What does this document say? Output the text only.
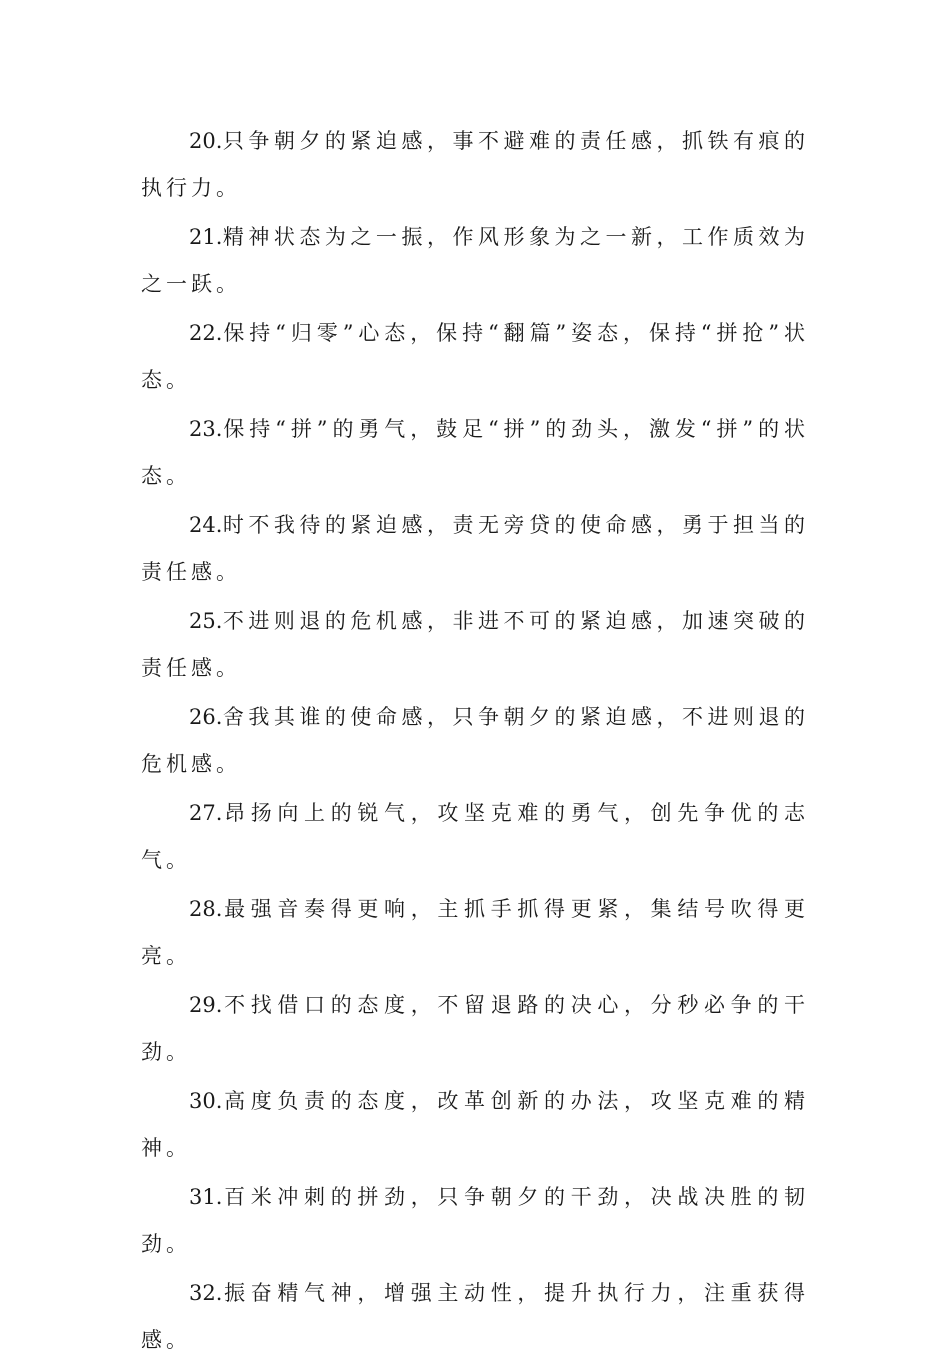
20.只争朝夕的紧迫感，事不避难的责任感，抓铁有痕的执行力。

21.精神状态为之一振，作风形象为之一新，工作质效为之一跃。

22.保持“归零”心态，保持“翻篇”姿态，保持“拼抢”状态。

23.保持“拼”的勇气，鼓足“拼”的劲头，激发“拼”的状态。

24.时不我待的紧迫感，责无旁贷的使命感，勇于担当的责任感。

25.不进则退的危机感，非进不可的紧迫感，加速突破的责任感。

26.舍我其谁的使命感，只争朝夕的紧迫感，不进则退的危机感。

27.昂扬向上的锐气，攻坚克难的勇气，创先争优的志气。

28.最强音奏得更响，主抓手抓得更紧，集结号吹得更亮。

29.不找借口的态度，不留退路的决心，分秒必争的干劲。

30.高度负责的态度，改革创新的办法，攻坚克难的精神。

31.百米冲刺的拼劲，只争朝夕的干劲，决战决胜的韧劲。

32.振奋精气神，增强主动性，提升执行力，注重获得感。
